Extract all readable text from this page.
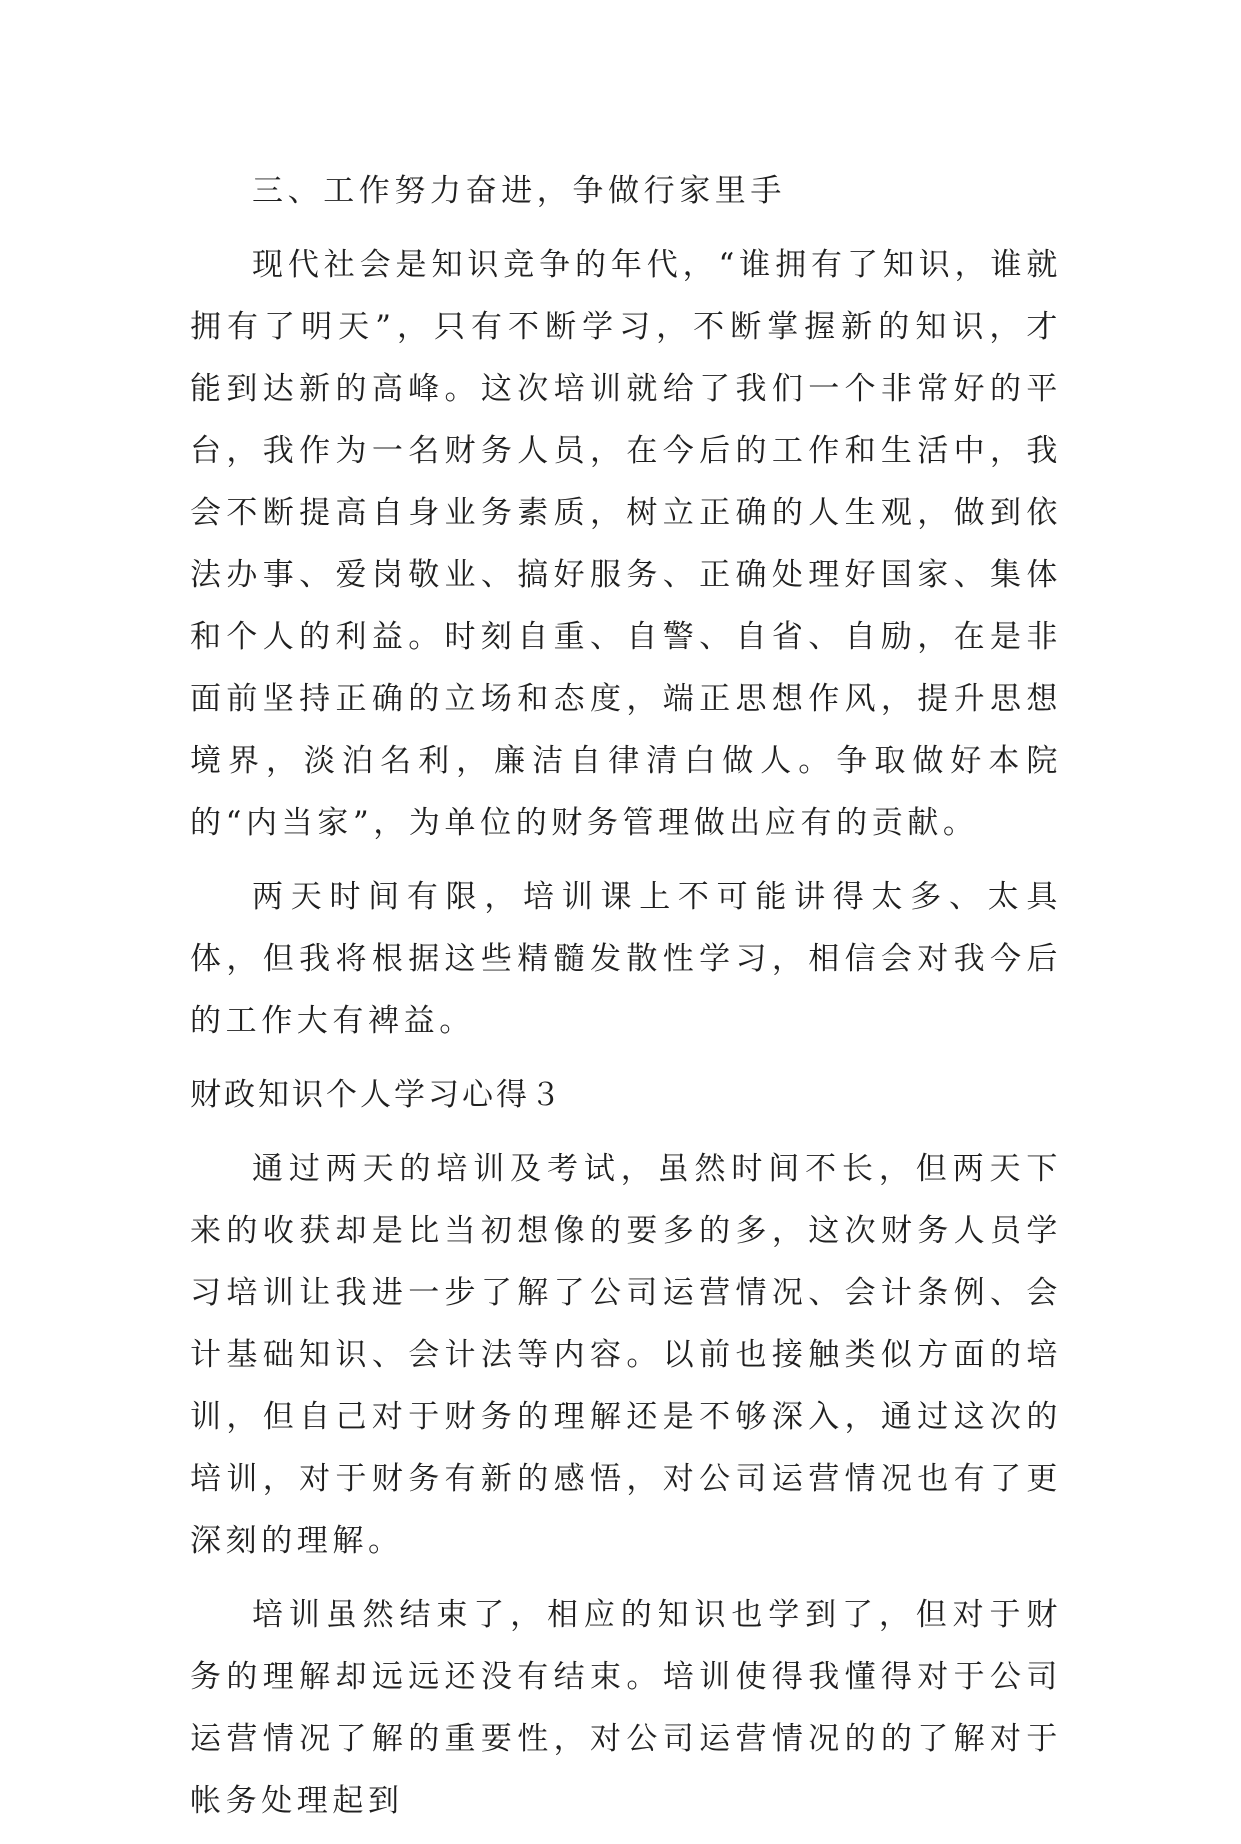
三、工作努力奋进，争做行家里手

现代社会是知识竞争的年代，“谁拥有了知识，谁就拥有了明天”，只有不断学习，不断掌握新的知识，才能到达新的高峰。这次培训就给了我们一个非常好的平台，我作为一名财务人员，在今后的工作和生活中，我会不断提高自身业务素质，树立正确的人生观，做到依法办事、爱岗敬业、搞好服务、正确处理好国家、集体和个人的利益。时刻自重、自警、自省、自励，在是非面前坚持正确的立场和态度，端正思想作风，提升思想境界，淡泊名利，廉洁自律清白做人。争取做好本院的“内当家”，为单位的财务管理做出应有的贡献。

两天时间有限，培训课上不可能讲得太多、太具体，但我将根据这些精髓发散性学习，相信会对我今后的工作大有裨益。

财政知识个人学习心得３

通过两天的培训及考试，虽然时间不长，但两天下来的收获却是比当初想像的要多的多，这次财务人员学习培训让我进一步了解了公司运营情况、会计条例、会计基础知识、会计法等内容。以前也接触类似方面的培训，但自己对于财务的理解还是不够深入，通过这次的培训，对于财务有新的感悟，对公司运营情况也有了更深刻的理解。

培训虽然结束了，相应的知识也学到了，但对于财务的理解却远远还没有结束。培训使得我懂得对于公司运营情况了解的重要性，对公司运营情况的的了解对于帐务处理起到
